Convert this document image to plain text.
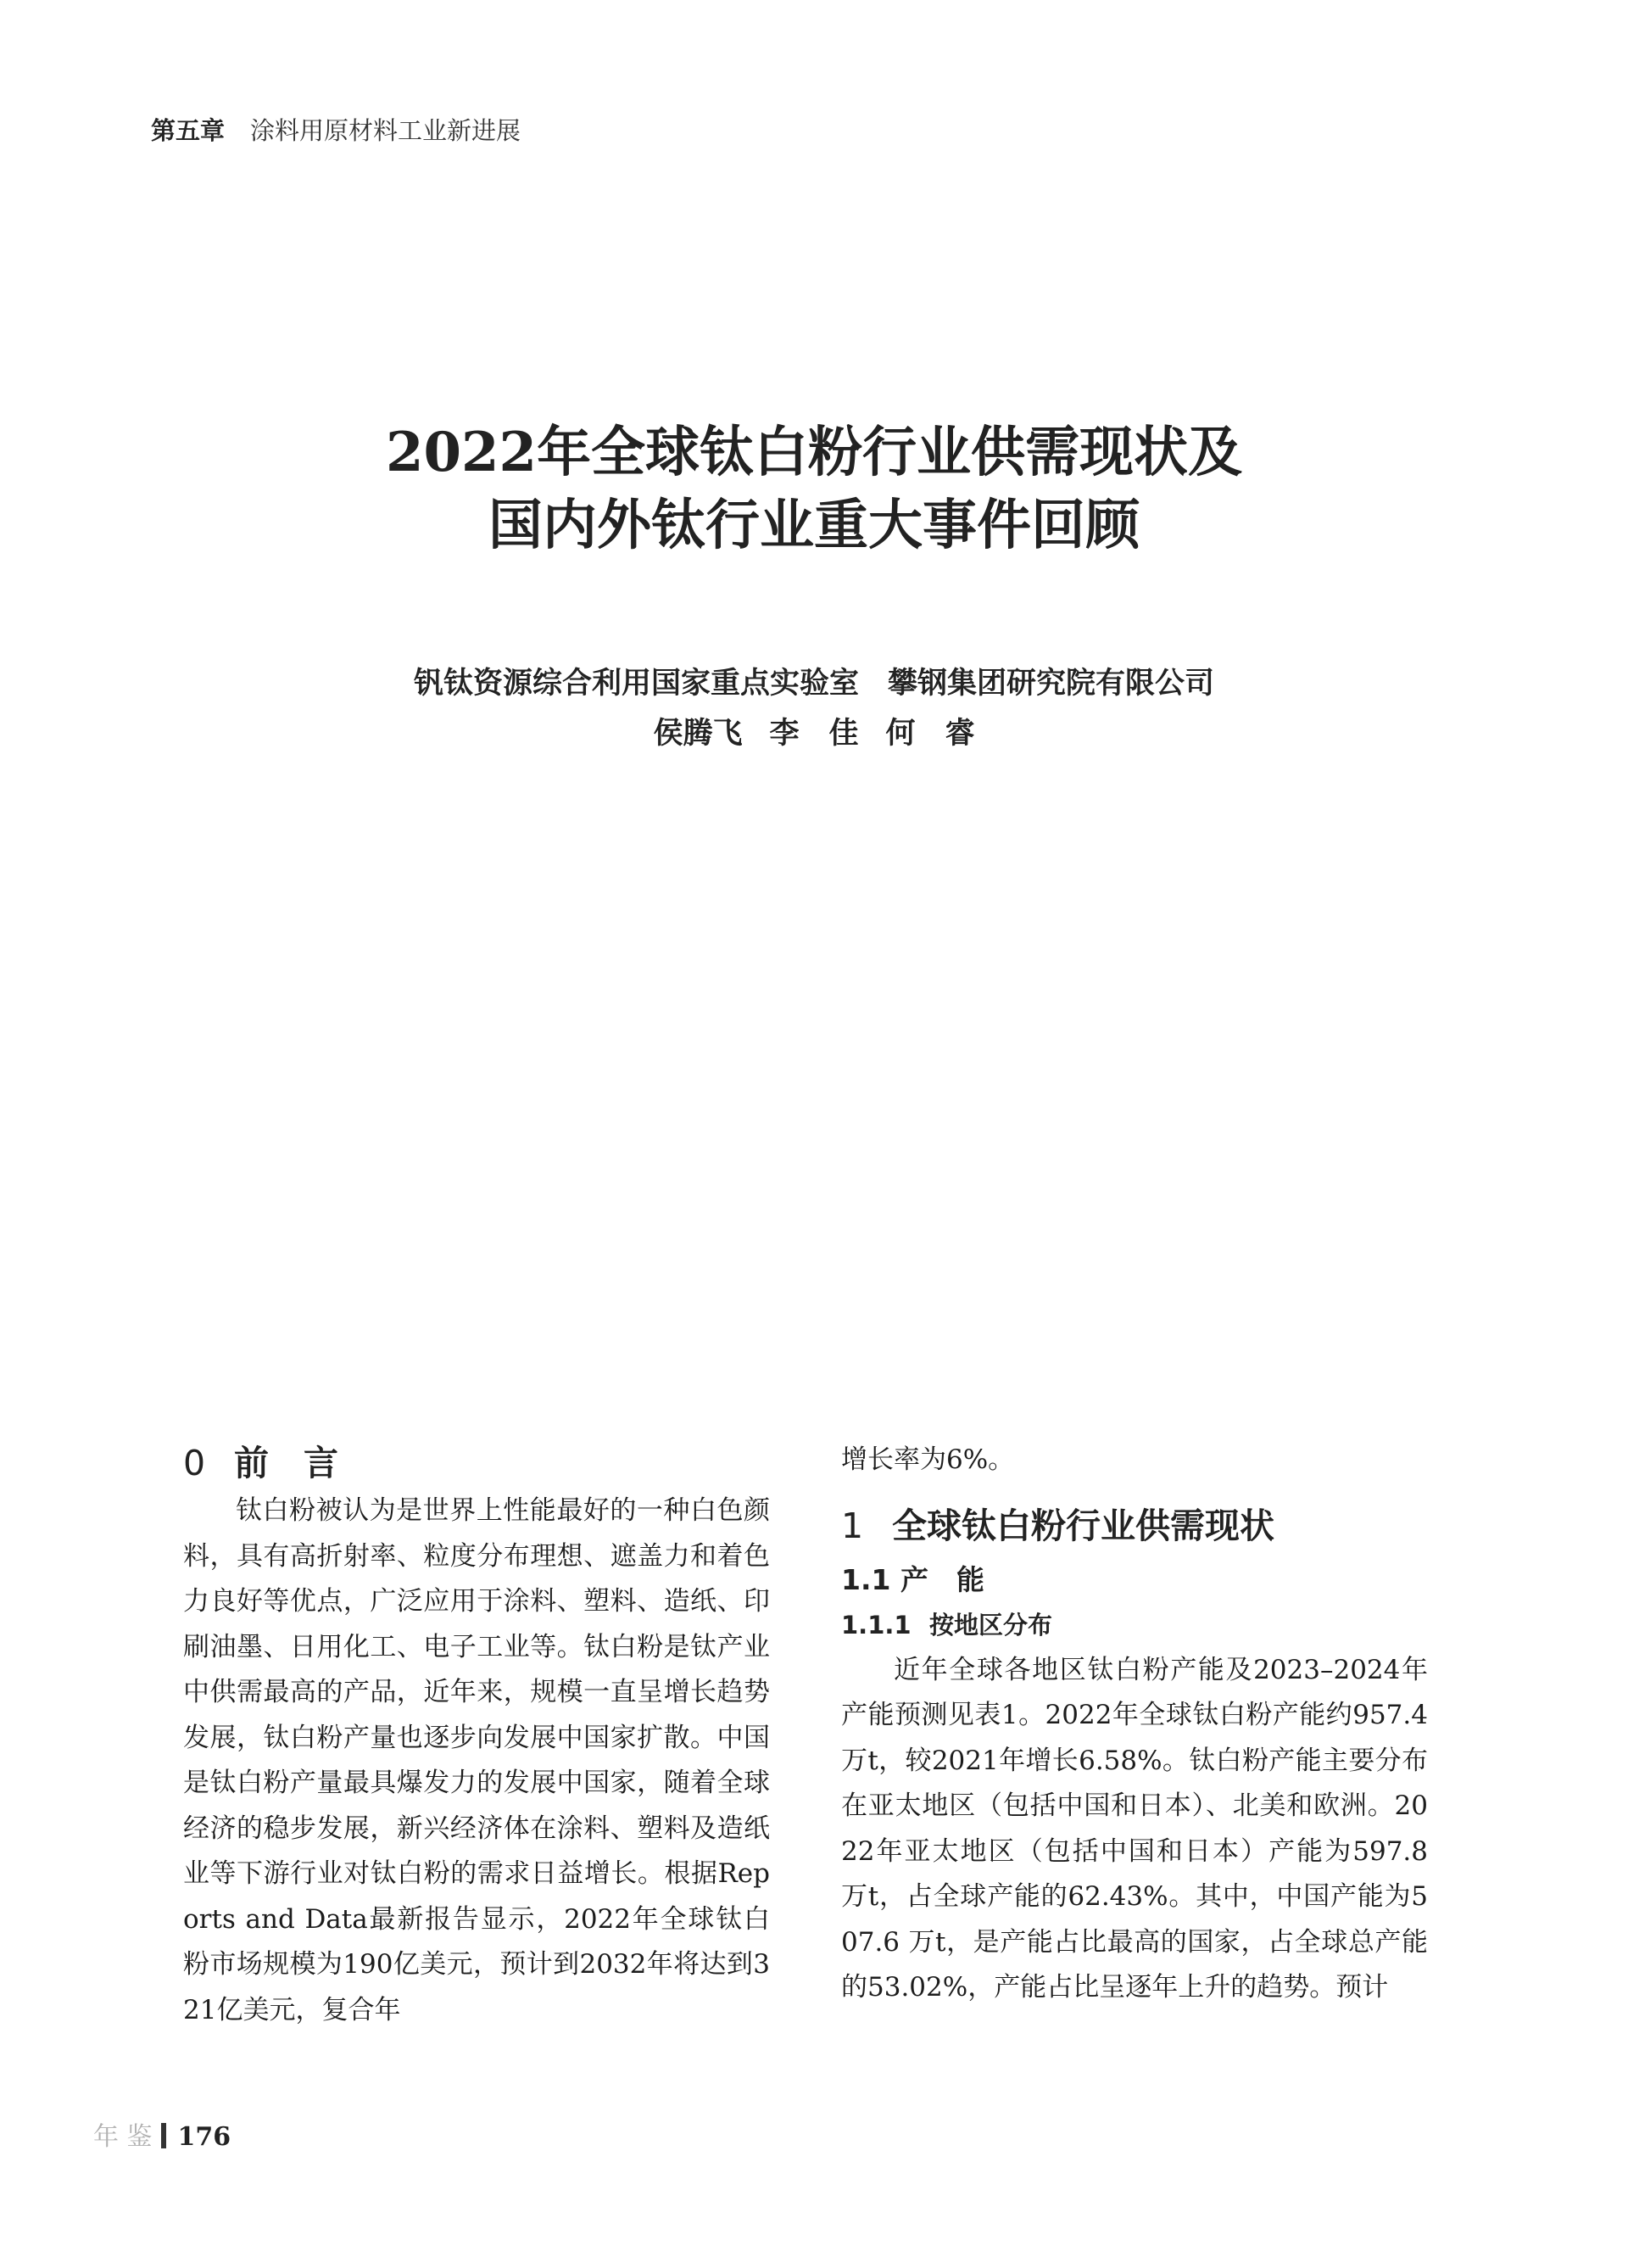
第五章 涂料用原材料工业新进展
2022年全球钛白粉行业供需现状及
国内外钛行业重大事件回顾
钒钛资源综合利用国家重点实验室 攀钢集团研究院有限公司
侯腾飞 李　佳 何　睿
0 前　言

钛白粉被认为是世界上性能最好的一种白色颜料，具有高折射率、粒度分布理想、遮盖力和着色力良好等优点，广泛应用于涂料、塑料、造纸、印刷油墨、日用化工、电子工业等。钛白粉是钛产业中供需最高的产品，近年来，规模一直呈增长趋势发展，钛白粉产量也逐步向发展中国家扩散。中国是钛白粉产量最具爆发力的发展中国家，随着全球经济的稳步发展，新兴经济体在涂料、塑料及造纸业等下游行业对钛白粉的需求日益增长。根据Reports and Data最新报告显示，2022年全球钛白粉市场规模为190亿美元，预计到2032年将达到321亿美元，复合年

增长率为6%。

1 全球钛白粉行业供需现状
1.1 产　能
1.1.1 按地区分布

近年全球各地区钛白粉产能及2023–2024年产能预测见表1。2022年全球钛白粉产能约957.4万t，较2021年增长6.58%。钛白粉产能主要分布在亚太地区（包括中国和日本）、北美和欧洲。2022年亚太地区（包括中国和日本）产能为597.8 万t，占全球产能的62.43%。其中，中国产能为507.6 万t，是产能占比最高的国家，占全球总产能的53.02%，产能占比呈逐年上升的趋势。预计

年 鉴 176
